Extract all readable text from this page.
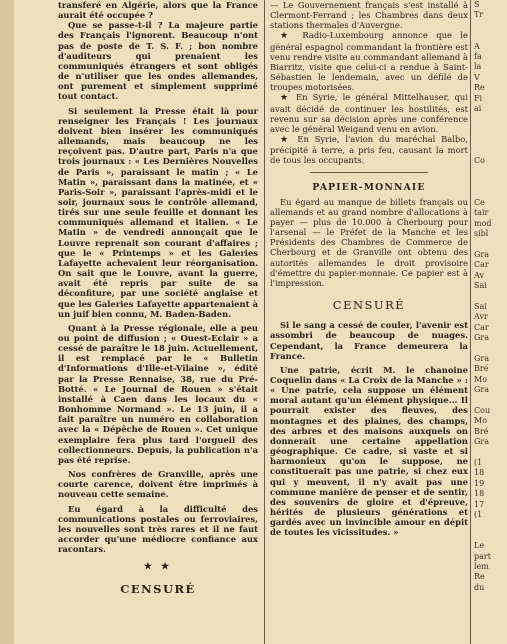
transferé en Algérie, alors que la France aurait été occupée ?

Que se passe-t-il ? La majeure partie des Français l'ignorent. Beaucoup n'ont pas de poste de T. S. F. ; bon nombre d'auditeurs qui prenaient les communiqués étrangers et sont obligés de n'utiliser que les ondes allemandes, ont purement et simplement supprimé tout contact.

Si seulement la Presse était là pour renseigner les Français ! Les journaux doivent bien insérer les communiqués allemands, mais beaucoup ne les reçoivent pas. D'autre part, Paris n'a que trois journaux : « Les Dernières Nouvelles de Paris », paraissant le matin ; « Le Matin », paraissant dans la matinée, et « Paris-Soir », paraissant l'après-midi et le soir, journaux sous le contrôle allemand, tirés sur une seule feuille et donnant les communiqués allemand et italien. « Le Matin » de vendredi annonçait que le Louvre reprenait son courant d'affaires ; que le « Printemps » et les Galeries Lafayette achevaient leur réorganisation. On sait que le Louvre, avant la guerre, avait été repris par suite de sa déconfiture, par une société anglaise et que les Galeries Lafayette appartenaient à un juif bien connu, M. Baden-Baden.

Quant à la Presse régionale, elle a peu ou point de diffusion ; « Ouest-Eclair » a cessé de paraître le 18 juin. Actuellement, il est remplacé par le « Bulletin d'Informations d'Ille-et-Vilaine », édité par la Presse Rennaise, 38, rue du Pré-Botté. « Le Journal de Rouen » s'était installé à Caen dans les locaux du « Bonhomme Normand ». Le 13 juin, il a fait paraître un numéro en collaboration avec la « Dépêche de Rouen ». Cet unique exemplaire fera plus tard l'orgueil des collectionneurs. Depuis, la publication n'a pas été reprise.

Nos confrères de Granville, après une courte carence, doivent être imprimés à nouveau cette semaine.

Eu égard à la difficulté des communications postales ou ferroviaires, les nouvelles sont très rares et il ne faut accorder qu'une médiocre confiance aux racontars.

★ ★
CENSURÉ

— Le Gouvernement français s'est installé à Clermont-Ferrand ; les Chambres dans deux stations thermales d'Auvergne.

★ Radio-Luxembourg annonce que le général espagnol commandant la frontière est venu rendre visite au commandant allemand à Biarritz, visite que celui-ci a rendue à Saint-Sébastien le lendemain, avec un défilé de troupes motorisées.

★ En Syrie, le général Mittelhauser, qui avait décidé de continuer les hostilités, est revenu sur sa décision après une conférence avec le général Weigand venu en avion.

★ En Syrie, l'avion du maréchal Balbo, précipité à terre, a pris feu, causant la mort de tous les occupants.

PAPIER-MONNAIE

Eu égard au manque de billets français ou allemands et au grand nombre d'allocations à payer — plus de 10.000 à Cherbourg pour l'arsenal — le Préfet de la Manche et les Présidents des Chambres de Commerce de Cherbourg et de Granville ont obtenu des autorités allemandes le droit provisoire d'émettre du papier-monnaie. Ce papier est à l'impression.

CENSURÉ

Si le sang a cessé de couler, l'avenir est assombri de beaucoup de nuages. Cependant, la France demeurera la France.

Une patrie, écrit M. le chanoine Coquelin dans « La Croix de la Manche » : « Une patrie, cela suppose un élément moral autant qu'un élément physique... Il pourrait exister des fleuves, des montagnes et des plaines, des champs, des arbres et des maisons auxquels on donnerait une certaine appellation géographique. Ce cadre, si vaste et si harmonieux qu'on le suppose, ne constituerait pas une patrie, si chez eux qui y meuvent, il n'y avait pas une commune manière de penser et de sentir, des souvenirs de gloire et d'épreuve, hérités de plusieurs générations et gardés avec un invincible amour en dépit de toutes les vicissitudes. »

S
Tr

A
fa
la
V
Re
Fi
ai

Co

Ce
tair
mod
sibl

Gra
Car
Av
Sai

Sai
Avr
Car
Gra

Gra
Bré
Mo
Gra

Cou
Mo
Bré
Gra

(1
18
19
18
17
(1

Le
part
lem
Re
du
